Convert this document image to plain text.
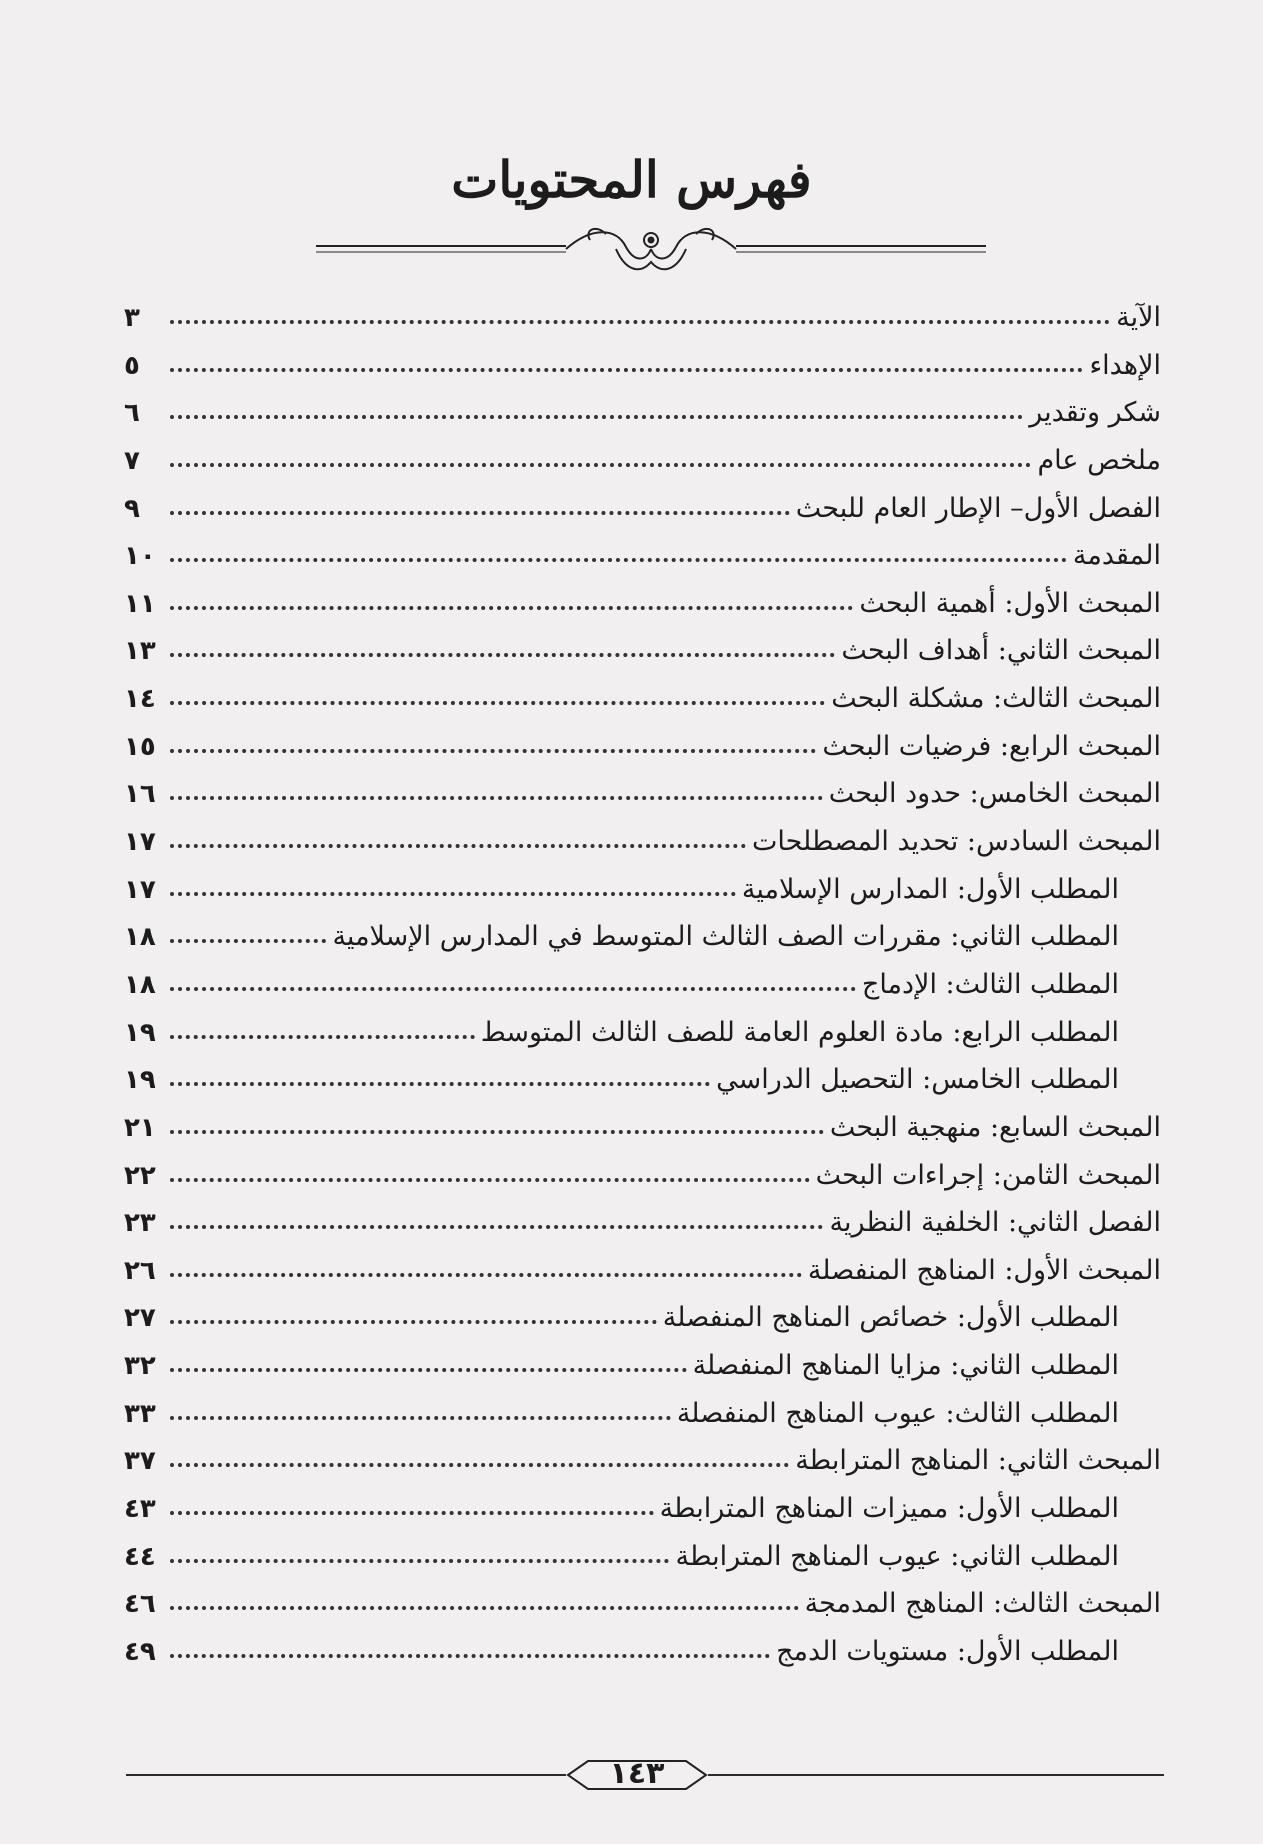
فهرس المحتويات
الآية
٣
الإهداء
٥
شكر وتقدير
٦
ملخص عام
٧
الفصل الأول– الإطار العام للبحث
٩
المقدمة
١٠
المبحث الأول: أهمية البحث
١١
المبحث الثاني: أهداف البحث
١٣
المبحث الثالث: مشكلة البحث
١٤
المبحث الرابع: فرضيات البحث
١٥
المبحث الخامس: حدود البحث
١٦
المبحث السادس: تحديد المصطلحات
١٧
المطلب الأول: المدارس الإسلامية
١٧
المطلب الثاني: مقررات الصف الثالث المتوسط في المدارس الإسلامية
١٨
المطلب الثالث: الإدماج
١٨
المطلب الرابع: مادة العلوم العامة للصف الثالث المتوسط
١٩
المطلب الخامس: التحصيل الدراسي
١٩
المبحث السابع: منهجية البحث
٢١
المبحث الثامن: إجراءات البحث
٢٢
الفصل الثاني: الخلفية النظرية
٢٣
المبحث الأول: المناهج المنفصلة
٢٦
المطلب الأول: خصائص المناهج المنفصلة
٢٧
المطلب الثاني: مزايا المناهج المنفصلة
٣٢
المطلب الثالث: عيوب المناهج المنفصلة
٣٣
المبحث الثاني: المناهج المترابطة
٣٧
المطلب الأول: مميزات المناهج المترابطة
٤٣
المطلب الثاني: عيوب المناهج المترابطة
٤٤
المبحث الثالث: المناهج المدمجة
٤٦
المطلب الأول: مستويات الدمج
٤٩
١٤٣
